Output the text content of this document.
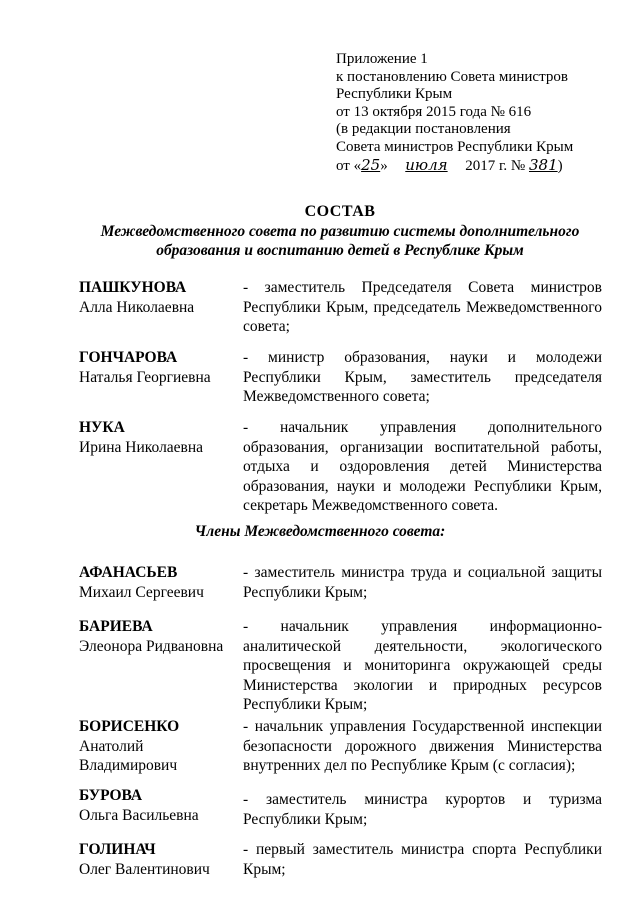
Приложение 1
к постановлению Совета министров
Республики Крым
от 13 октября 2015 года № 616
(в редакции постановления
Совета министров Республики Крым
от «25» июля 2017 г. № 381)
СОСТАВ
Межведомственного совета по развитию системы дополнительного
образования и воспитанию детей в Республике Крым
ПАШКУНОВА
Алла Николаевна
- заместитель Председателя Совета министров Республики Крым, председатель Межведомственного совета;
ГОНЧАРОВА
Наталья Георгиевна
- министр образования, науки и молодежи Республики Крым, заместитель председателя Межведомственного совета;
НУКА
Ирина Николаевна
- начальник управления дополнительного образования, организации воспитательной работы, отдыха и оздоровления детей Министерства образования, науки и молодежи Республики Крым, секретарь Межведомственного совета.
Члены Межведомственного совета:
АФАНАСЬЕВ
Михаил Сергеевич
- заместитель министра труда и социальной защиты Республики Крым;
БАРИЕВА
Элеонора Ридвановна
- начальник управления информационно-аналитической деятельности, экологического просвещения и мониторинга окружающей среды Министерства экологии и природных ресурсов Республики Крым;
БОРИСЕНКО
Анатолий Владимирович
- начальник управления Государственной инспекции безопасности дорожного движения Министерства внутренних дел по Республике Крым (с согласия);
БУРОВА
Ольга Васильевна
- заместитель министра курортов и туризма Республики Крым;
ГОЛИНАЧ
Олег Валентинович
- первый заместитель министра спорта Республики Крым;
